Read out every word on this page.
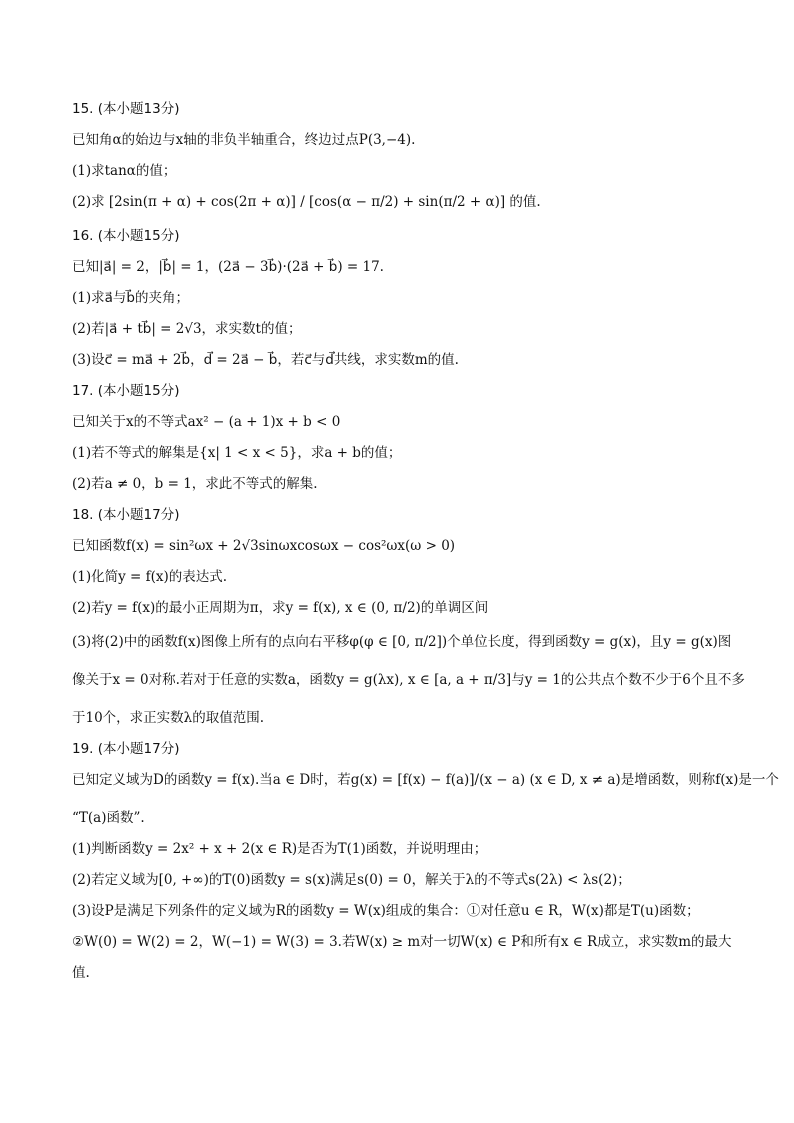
15. (本小题13分)
已知角α的始边与x轴的非负半轴重合，终边过点P(3,−4).
(1)求tanα的值；
(2)求 [2sin(π + α) + cos(2π + α)] / [cos(α − π/2) + sin(π/2 + α)] 的值.
16. (本小题15分)
已知|a⃗| = 2，|b⃗| = 1，(2a⃗ − 3b⃗)·(2a⃗ + b⃗) = 17.
(1)求a⃗与b⃗的夹角；
(2)若|a⃗ + tb⃗| = 2√3，求实数t的值；
(3)设c⃗ = ma⃗ + 2b⃗，d⃗ = 2a⃗ − b⃗，若c⃗与d⃗共线，求实数m的值.
17. (本小题15分)
已知关于x的不等式ax² − (a + 1)x + b < 0
(1)若不等式的解集是{x| 1 < x < 5}，求a + b的值；
(2)若a ≠ 0，b = 1，求此不等式的解集.
18. (本小题17分)
已知函数f(x) = sin²ωx + 2√3sinωxcosωx − cos²ωx(ω > 0)
(1)化简y = f(x)的表达式.
(2)若y = f(x)的最小正周期为π，求y = f(x), x ∈ (0, π/2)的单调区间
(3)将(2)中的函数f(x)图像上所有的点向右平移φ(φ ∈ [0, π/2])个单位长度，得到函数y = g(x)，且y = g(x)图
像关于x = 0对称.若对于任意的实数a，函数y = g(λx), x ∈ [a, a + π/3]与y = 1的公共点个数不少于6个且不多
于10个，求正实数λ的取值范围.
19. (本小题17分)
已知定义域为D的函数y = f(x).当a ∈ D时，若g(x) = [f(x) − f(a)]/(x − a) (x ∈ D, x ≠ a)是增函数，则称f(x)是一个
“T(a)函数”.
(1)判断函数y = 2x² + x + 2(x ∈ R)是否为T(1)函数，并说明理由；
(2)若定义域为[0, +∞)的T(0)函数y = s(x)满足s(0) = 0，解关于λ的不等式s(2λ) < λs(2)；
(3)设P是满足下列条件的定义域为R的函数y = W(x)组成的集合：①对任意u ∈ R，W(x)都是T(u)函数；
②W(0) = W(2) = 2，W(−1) = W(3) = 3.若W(x) ≥ m对一切W(x) ∈ P和所有x ∈ R成立，求实数m的最大
值.
